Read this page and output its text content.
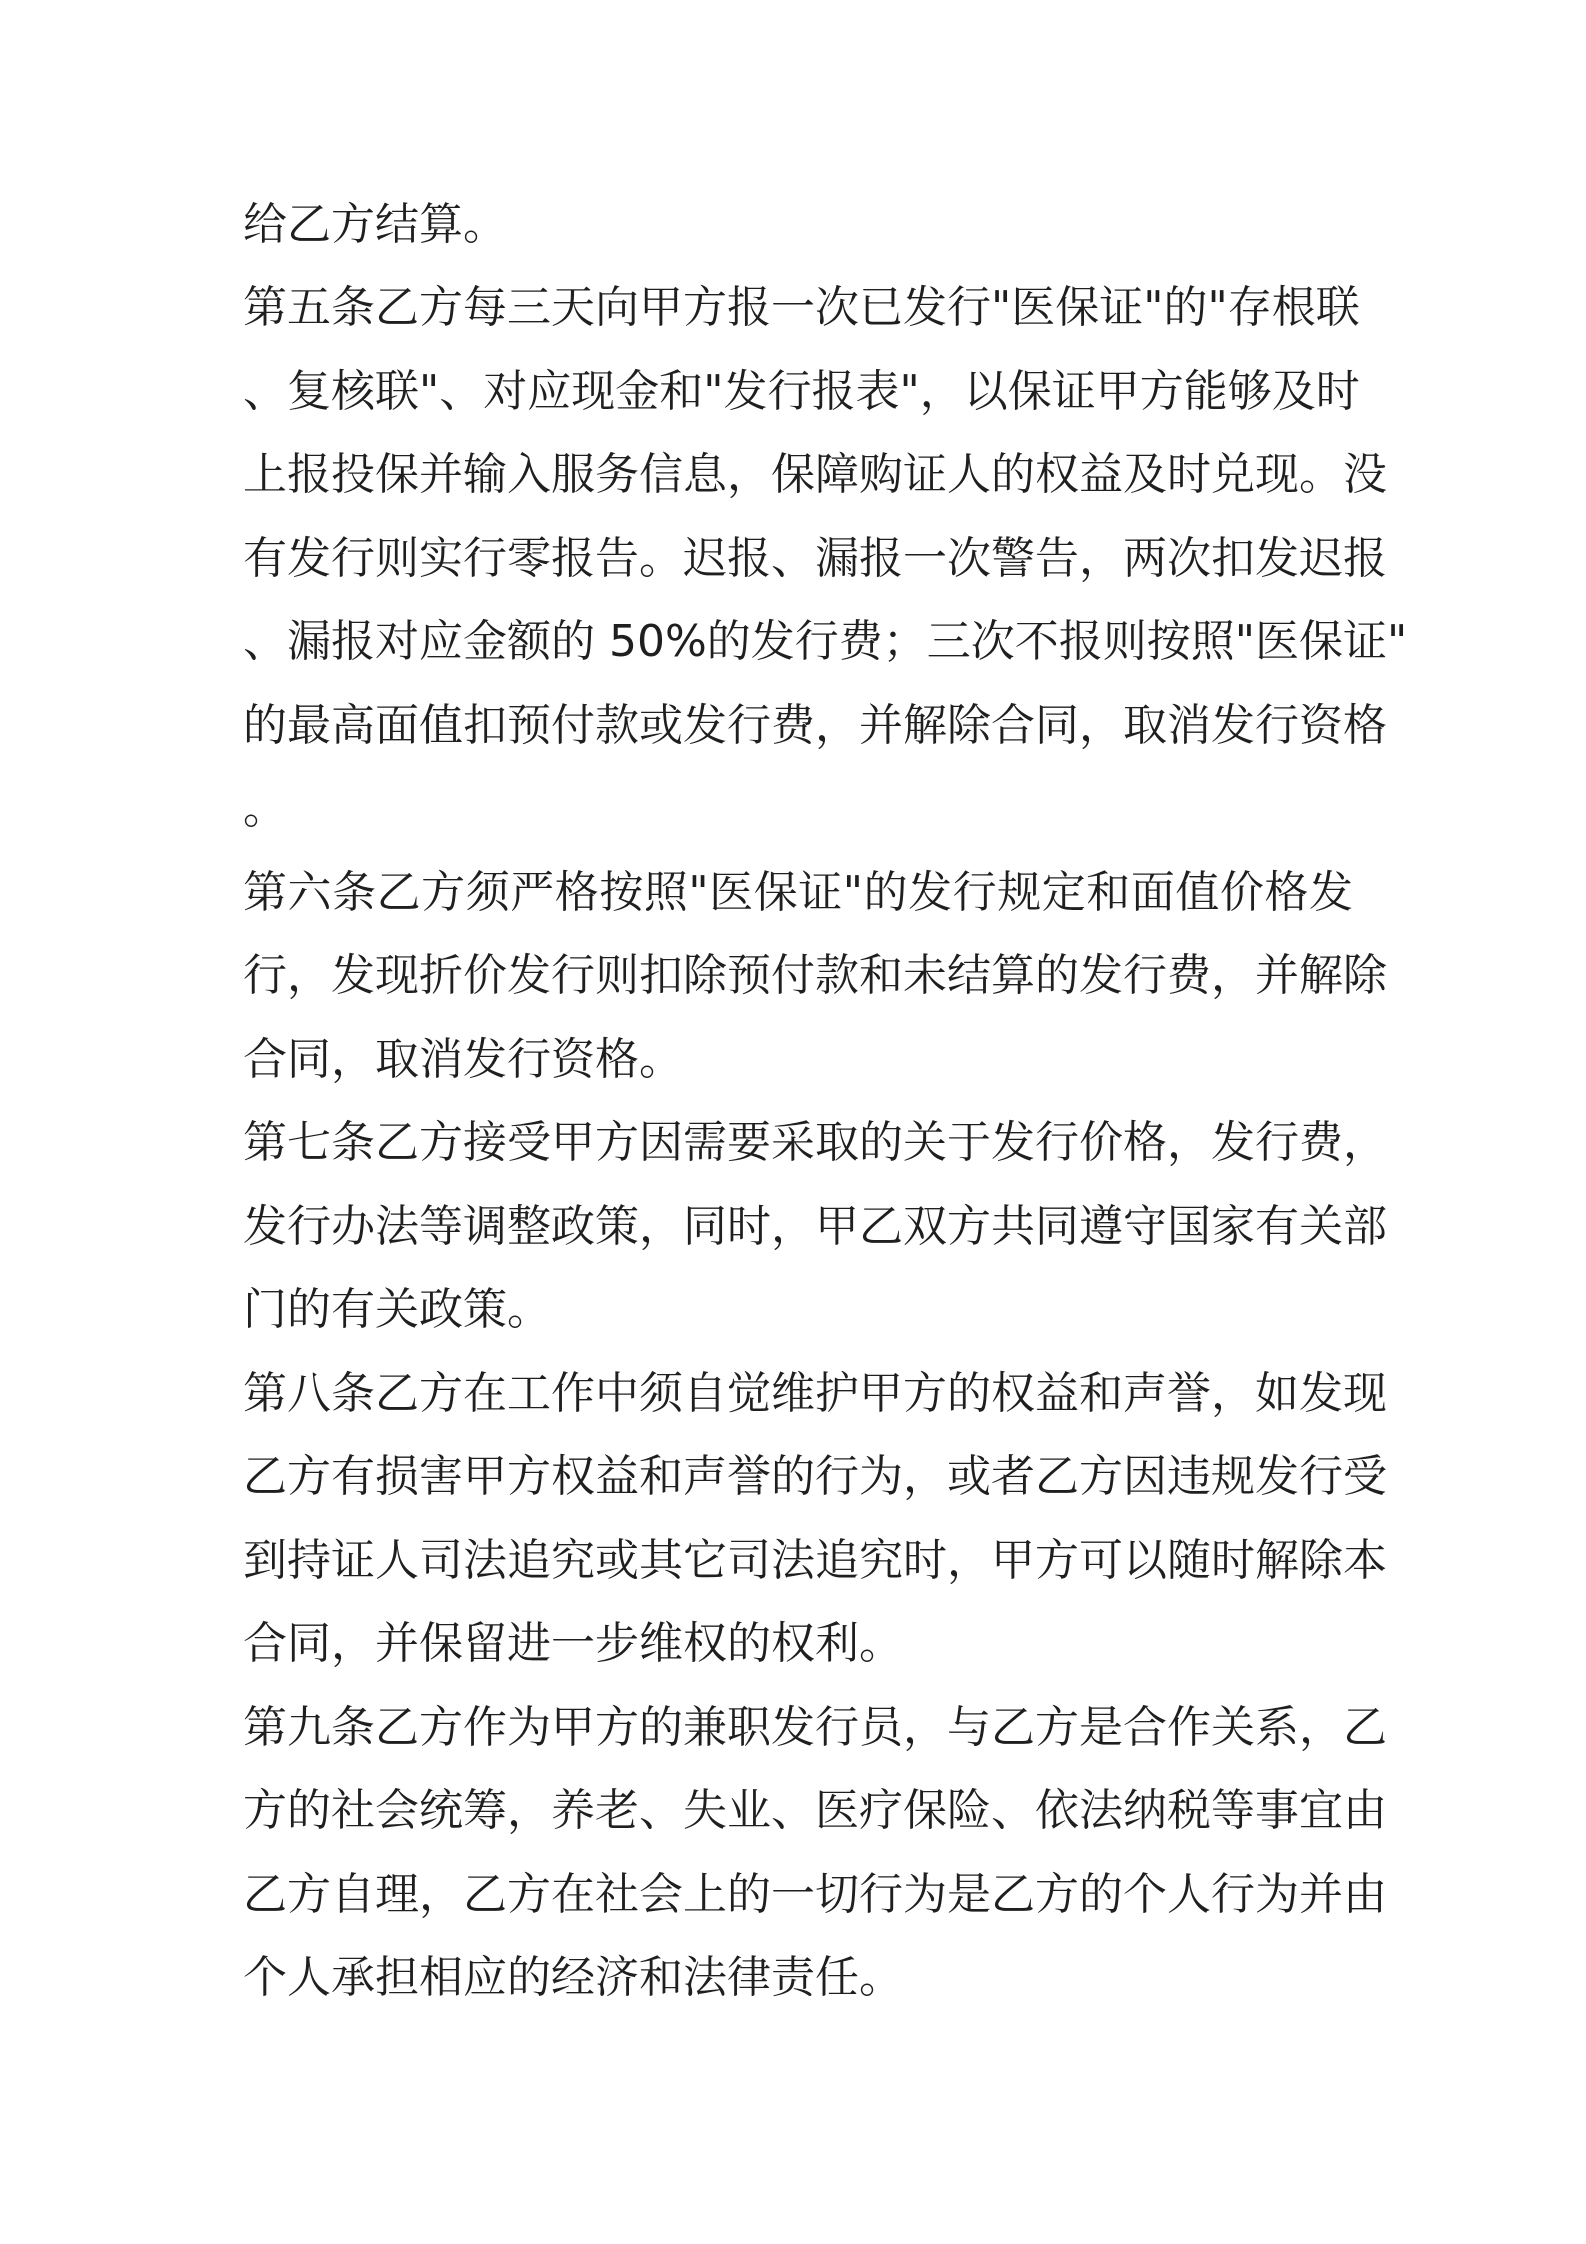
给乙方结算。
第五条乙方每三天向甲方报一次已发行"医保证"的"存根联
、复核联"、对应现金和"发行报表"，以保证甲方能够及时
上报投保并输入服务信息，保障购证人的权益及时兑现。没
有发行则实行零报告。迟报、漏报一次警告，两次扣发迟报
、漏报对应金额的 50%的发行费；三次不报则按照"医保证"
的最高面值扣预付款或发行费，并解除合同，取消发行资格
。
第六条乙方须严格按照"医保证"的发行规定和面值价格发
行，发现折价发行则扣除预付款和未结算的发行费，并解除
合同，取消发行资格。
第七条乙方接受甲方因需要采取的关于发行价格，发行费，
发行办法等调整政策，同时，甲乙双方共同遵守国家有关部
门的有关政策。
第八条乙方在工作中须自觉维护甲方的权益和声誉，如发现
乙方有损害甲方权益和声誉的行为，或者乙方因违规发行受
到持证人司法追究或其它司法追究时，甲方可以随时解除本
合同，并保留进一步维权的权利。
第九条乙方作为甲方的兼职发行员，与乙方是合作关系，乙
方的社会统筹，养老、失业、医疗保险、依法纳税等事宜由
乙方自理，乙方在社会上的一切行为是乙方的个人行为并由
个人承担相应的经济和法律责任。
